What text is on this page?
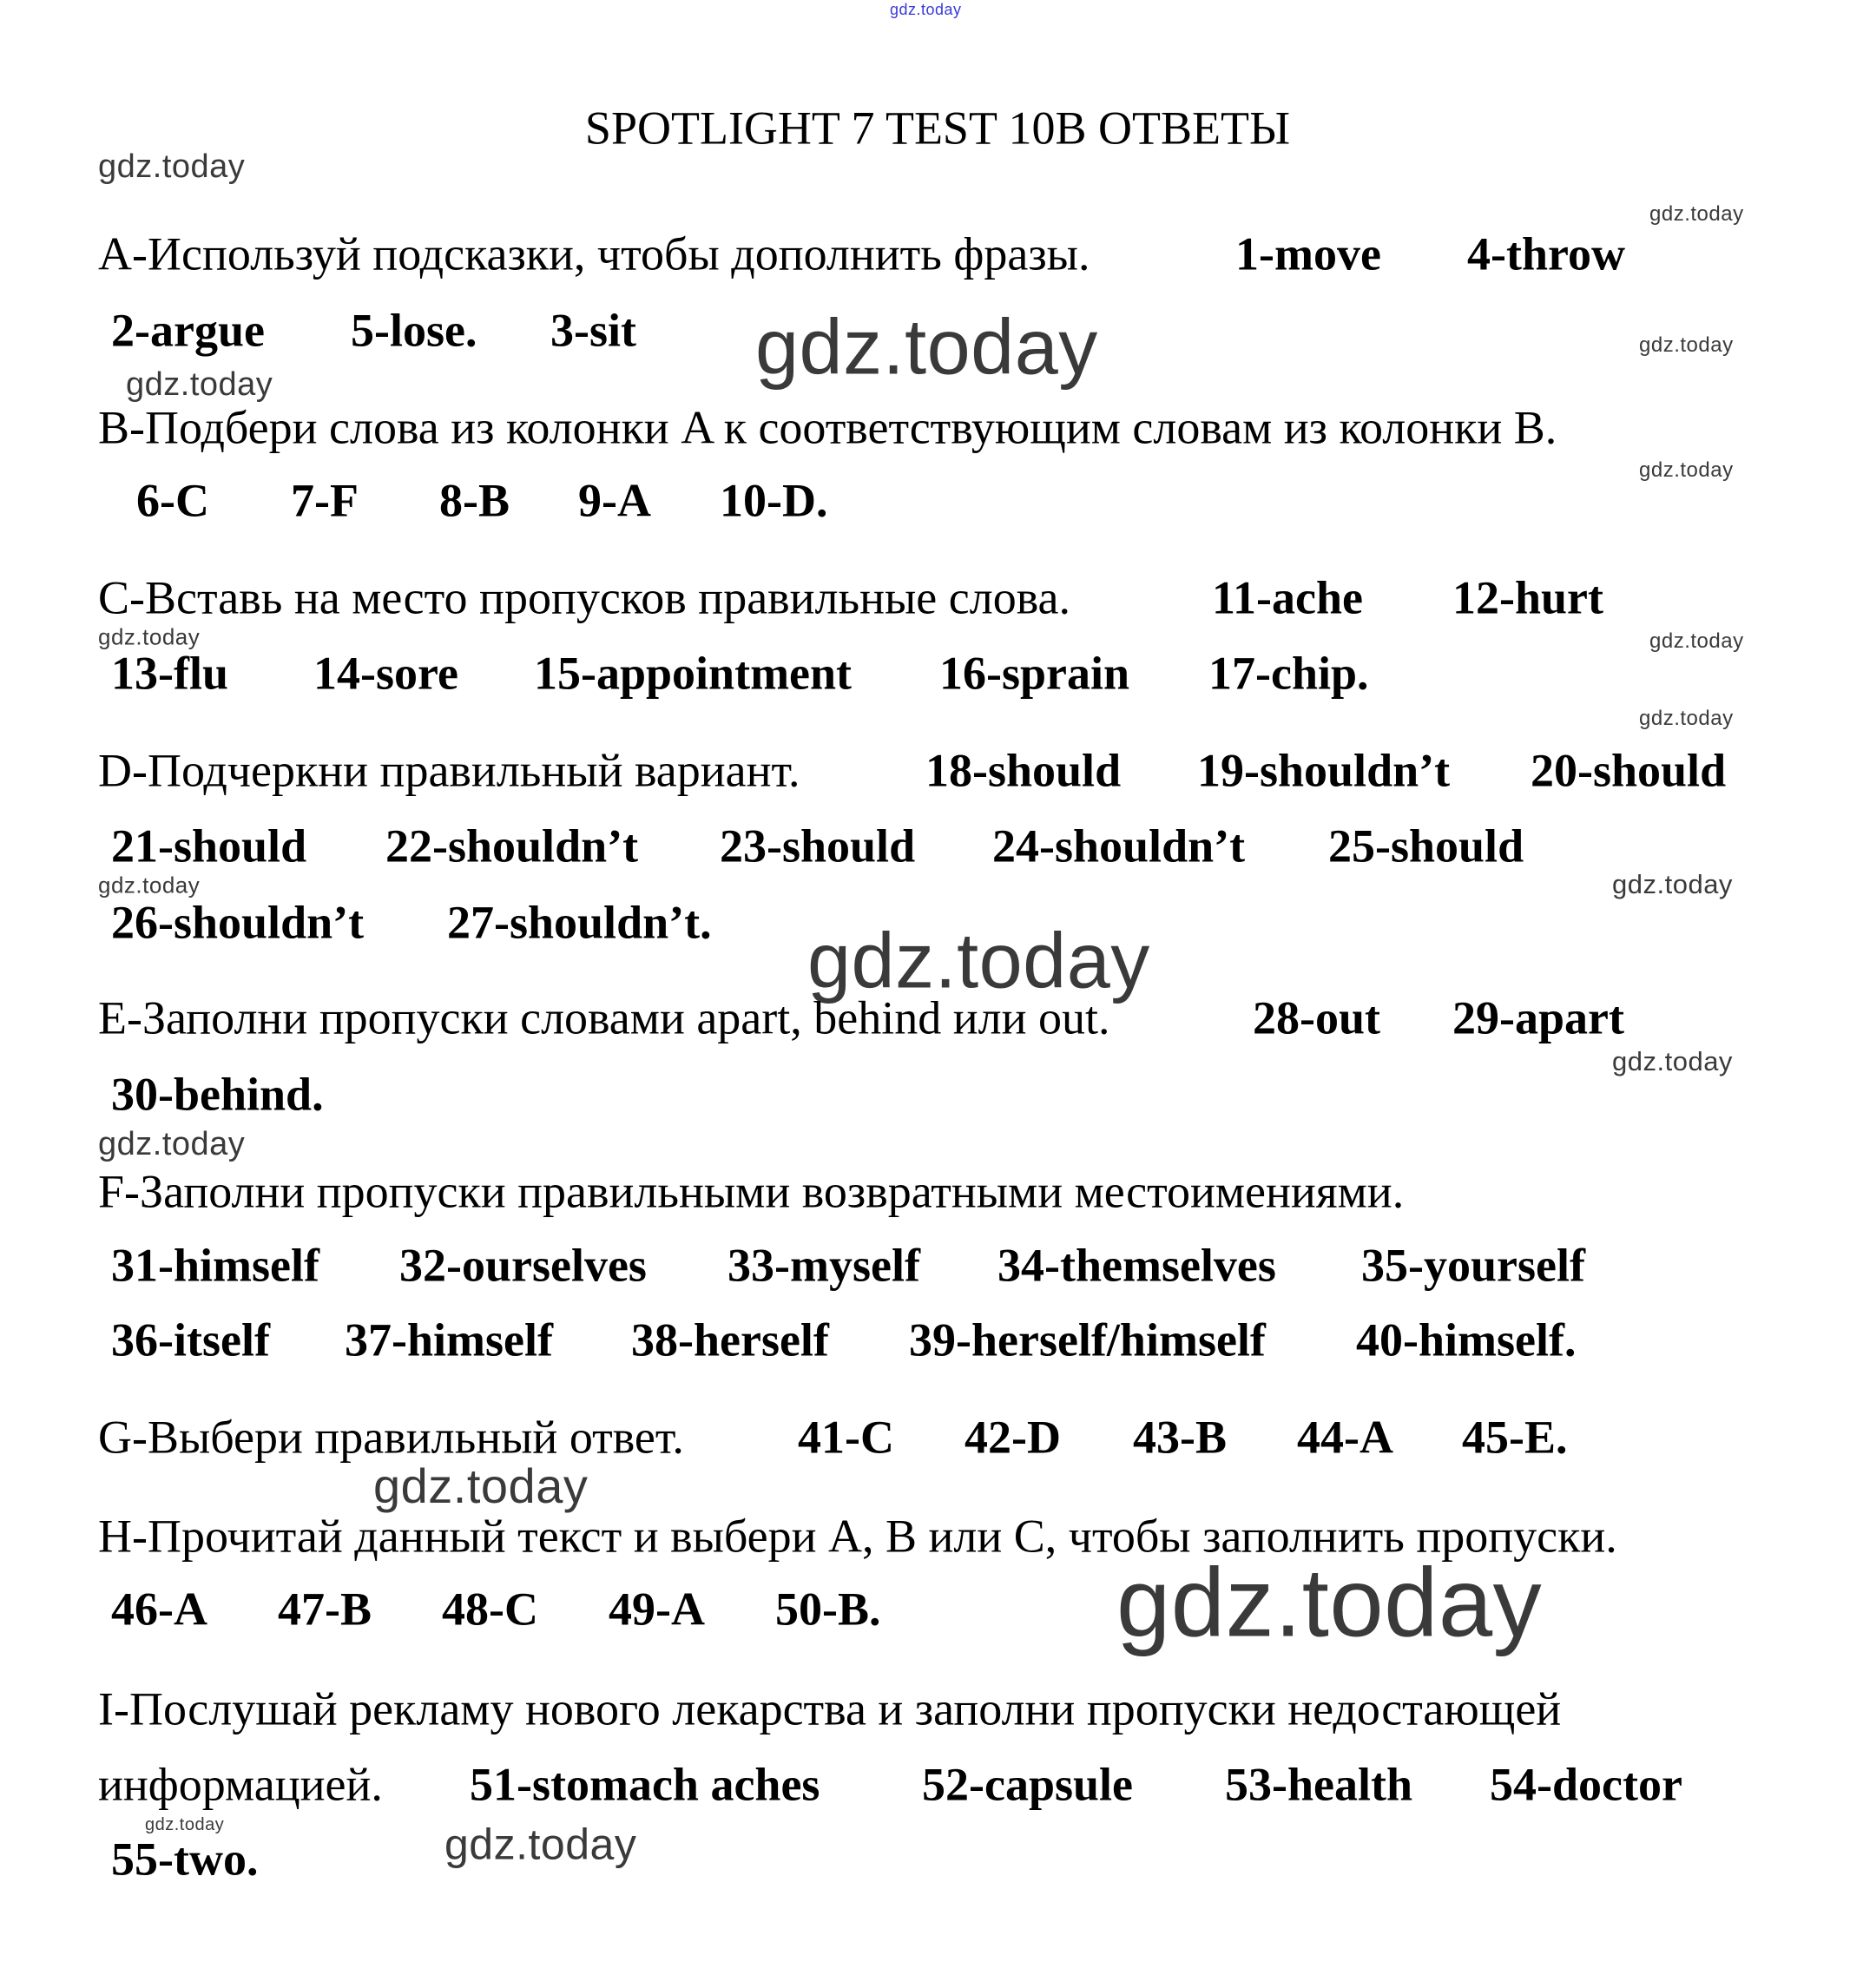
gdz.today
SPOTLIGHT 7 TEST 10B ОТВЕТЫ
gdz.today
gdz.today
gdz.today
gdz.today
gdz.today
gdz.today
gdz.today
gdz.today
gdz.today	gdz.today
gdz.today
gdz.today
gdz.today
gdz.today
gdz.today
gdz.today
gdz.today	gdz.today
A-Используй подсказки, чтобы дополнить фразы.	1-move 4-throw
2-argue 5-lose. 3-sit
B-Подбери слова из колонки A к соответствующим словам из колонки B.
6-C 7-F 8-B 9-A 10-D.
C-Вставь на место пропусков правильные слова.	11-ache 12-hurt
13-flu 14-sore 15-appointment 16-sprain 17-chip.
D-Подчеркни правильный вариант.	18-should 19-shouldn’t 20-should
21-should 22-shouldn’t 23-should 24-shouldn’t 25-should
26-shouldn’t 27-shouldn’t.
E-Заполни пропуски словами apart, behind или out.	28-out 29-apart
30-behind.
F-Заполни пропуски правильными возвратными местоимениями.
31-himself 32-ourselves 33-myself 34-themselves 35-yourself
36-itself 37-himself 38-herself 39-herself/himself 40-himself.
G-Выбери правильный ответ. 41-C 42-D 43-B 44-A 45-E.
H-Прочитай данный текст и выбери A, B или C, чтобы заполнить пропуски.
46-A 47-B 48-C 49-A 50-B.
I-Послушай рекламу нового лекарства и заполни пропуски недостающей
информацией. 51-stomach aches 52-capsule 53-health 54-doctor
55-two.
